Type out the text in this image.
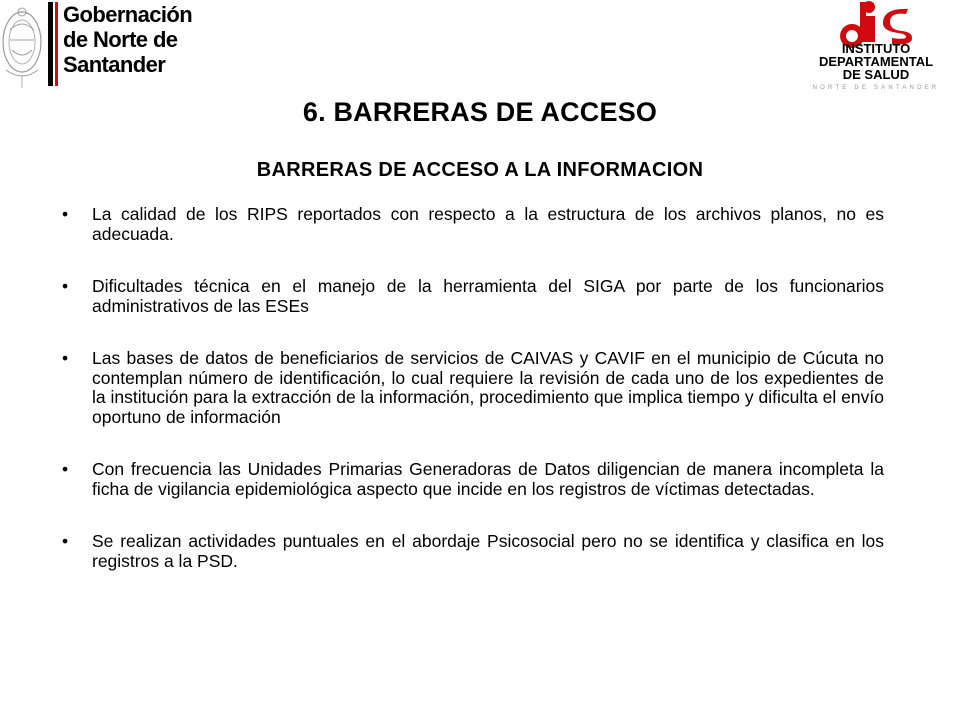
Gobernación
de Norte de
Santander
INSTITUTO
DEPARTAMENTAL
DE SALUD
NORTE DE SANTANDER
6. BARRERAS DE ACCESO
BARRERAS DE ACCESO A LA INFORMACION
• La calidad de los RIPS reportados con respecto a la estructura de los archivos planos, no es adecuada.
• Dificultades técnica en el manejo de la herramienta del SIGA por parte de los funcionarios administrativos de las ESEs
• Las bases de datos de beneficiarios de servicios de CAIVAS y CAVIF en el municipio de Cúcuta no contemplan número de identificación, lo cual requiere la revisión de cada uno de los expedientes de la institución para la extracción de la información, procedimiento que implica tiempo y dificulta el envío oportuno de información
• Con frecuencia las Unidades Primarias Generadoras de Datos diligencian de manera incompleta la ficha de vigilancia epidemiológica aspecto que incide en los registros de víctimas detectadas.
• Se realizan actividades puntuales en el abordaje Psicosocial pero no se identifica y clasifica en los registros a la PSD.
